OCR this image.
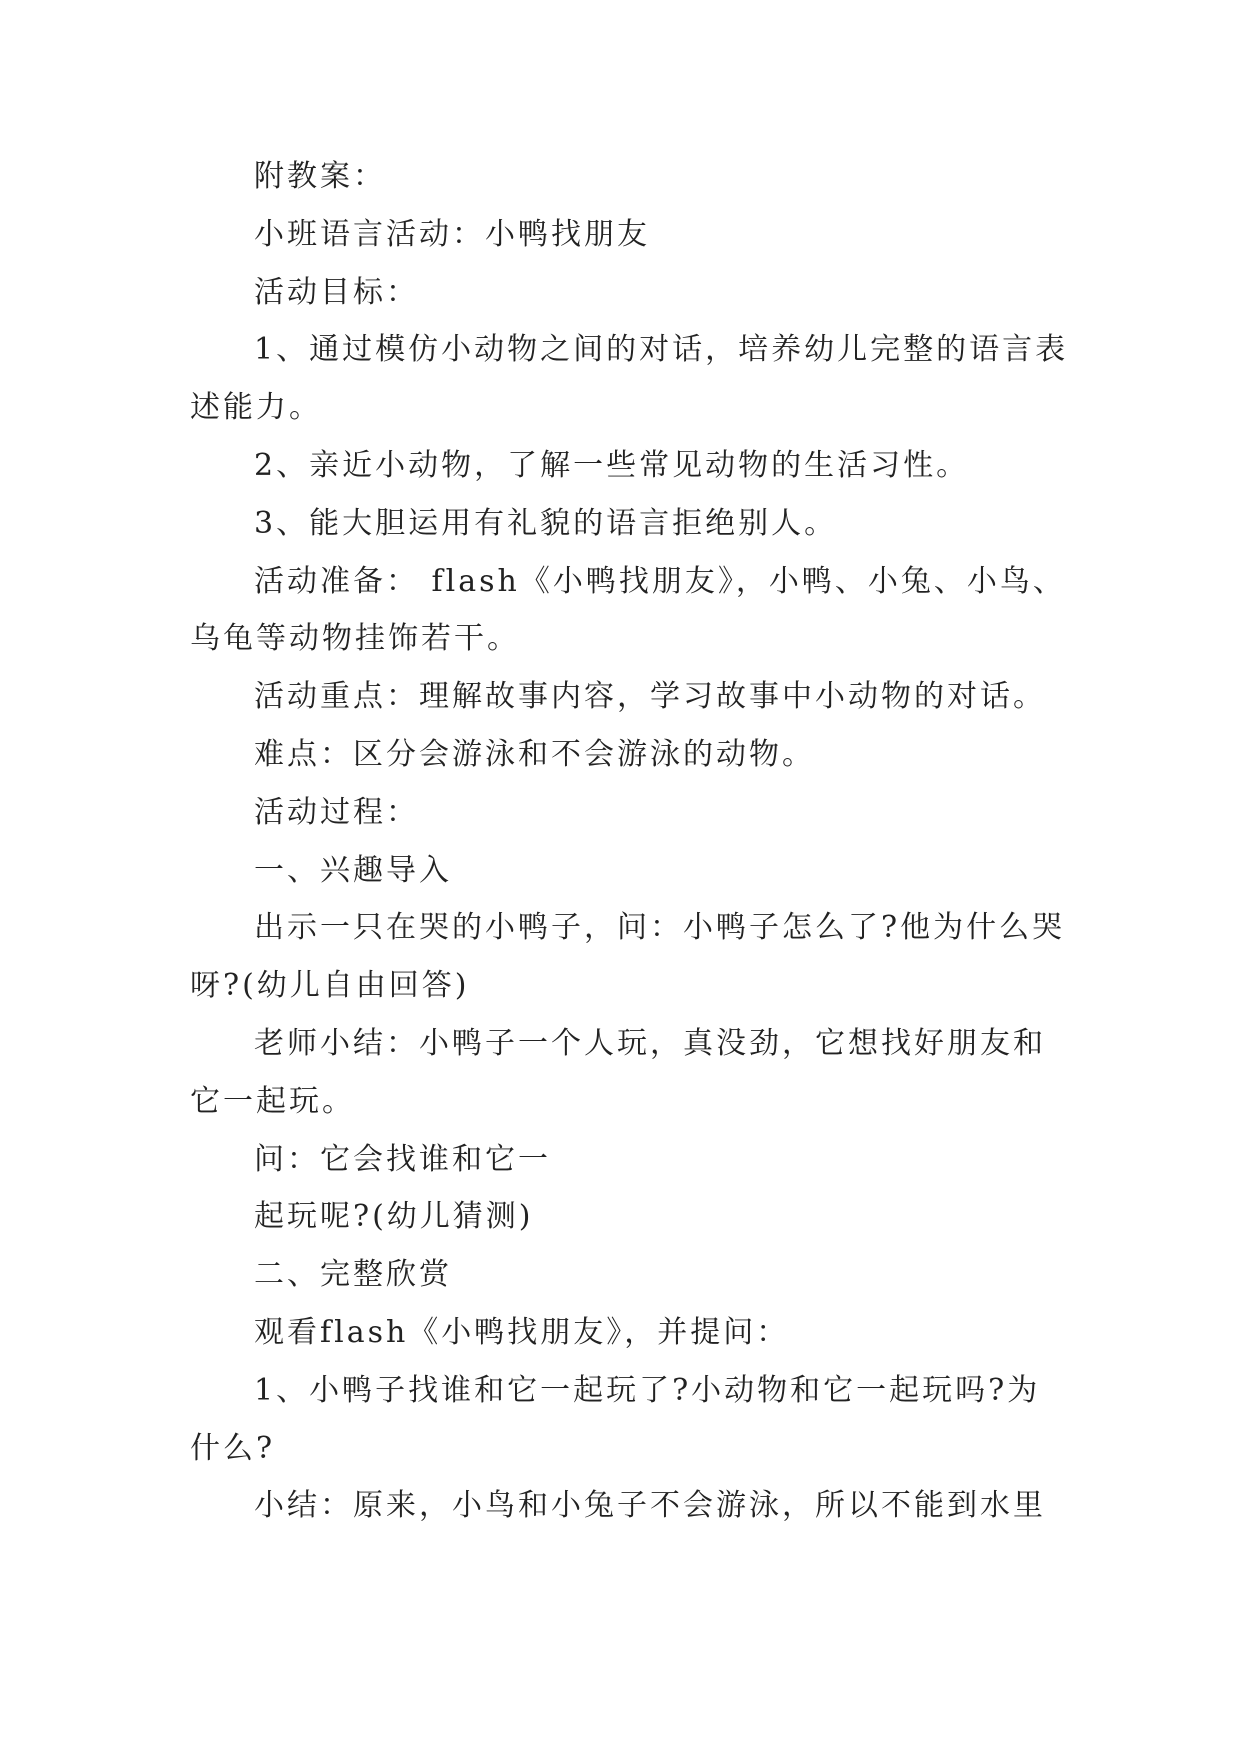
附教案：

小班语言活动：小鸭找朋友

活动目标：

1、通过模仿小动物之间的对话，培养幼儿完整的语言表述能力。

2、亲近小动物，了解一些常见动物的生活习性。

3、能大胆运用有礼貌的语言拒绝别人。

活动准备： flash《小鸭找朋友》，小鸭、小兔、小鸟、乌龟等动物挂饰若干。

活动重点：理解故事内容，学习故事中小动物的对话。

难点：区分会游泳和不会游泳的动物。

活动过程：

一、兴趣导入

出示一只在哭的小鸭子，问：小鸭子怎么了?他为什么哭呀?(幼儿自由回答)

老师小结：小鸭子一个人玩，真没劲，它想找好朋友和它一起玩。

问：它会找谁和它一

起玩呢?(幼儿猜测)

二、完整欣赏

观看flash《小鸭找朋友》，并提问：

1、小鸭子找谁和它一起玩了?小动物和它一起玩吗?为什么?

小结：原来，小鸟和小兔子不会游泳，所以不能到水里
